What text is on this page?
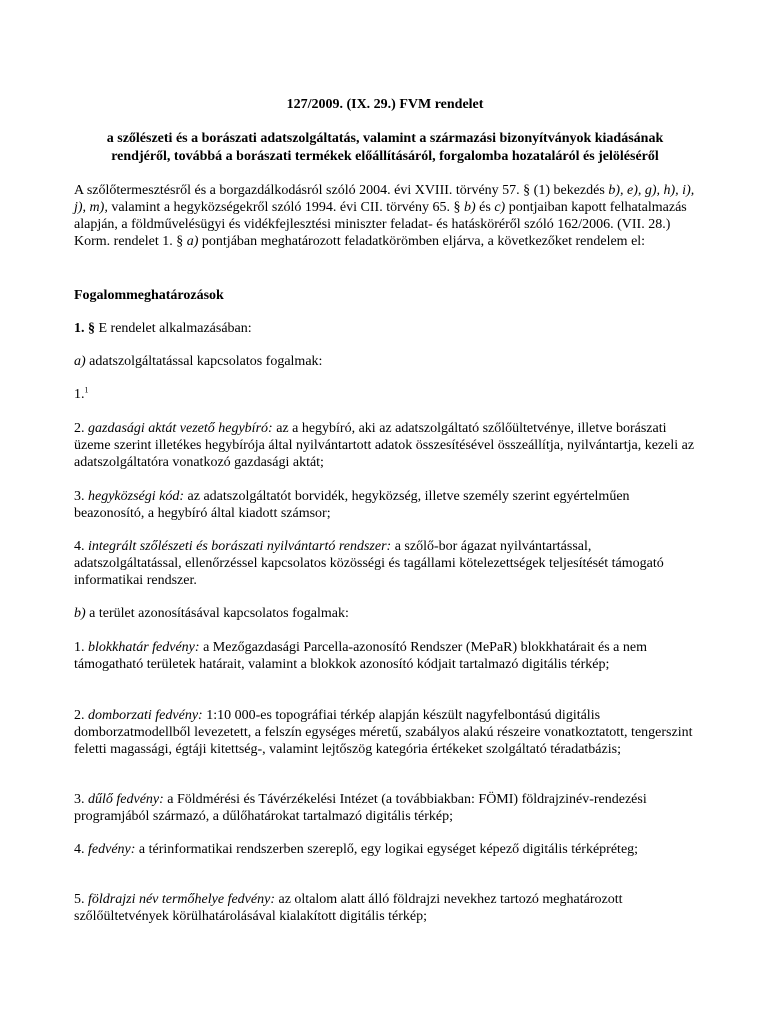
127/2009. (IX. 29.) FVM rendelet
a szőlészeti és a borászati adatszolgáltatás, valamint a származási bizonyítványok kiadásának
rendjéről, továbbá a borászati termékek előállításáról, forgalomba hozataláról és jelöléséről
A szőlőtermesztésről és a borgazdálkodásról szóló 2004. évi XVIII. törvény 57. § (1) bekezdés b), e), g), h), i), j), m), valamint a hegyközségekről szóló 1994. évi CII. törvény 65. § b) és c) pontjaiban kapott felhatalmazás alapján, a földművelésügyi és vidékfejlesztési miniszter feladat- és hatásköréről szóló 162/2006. (VII. 28.) Korm. rendelet 1. § a) pontjában meghatározott feladatkörömben eljárva, a következőket rendelem el:
Fogalommeghatározások
1. § E rendelet alkalmazásában:
a) adatszolgáltatással kapcsolatos fogalmak:
1.$^1$
2. gazdasági aktát vezető hegybíró: az a hegybíró, aki az adatszolgáltató szőlőültetvénye, illetve borászati üzeme szerint illetékes hegybírója által nyilvántartott adatok összesítésével összeállítja, nyilvántartja, kezeli az adatszolgáltatóra vonatkozó gazdasági aktát;
3. hegyközségi kód: az adatszolgáltatót borvidék, hegyközség, illetve személy szerint egyértelműen beazonosító, a hegybíró által kiadott számsor;
4. integrált szőlészeti és borászati nyilvántartó rendszer: a szőlő-bor ágazat nyilvántartással, adatszolgáltatással, ellenőrzéssel kapcsolatos közösségi és tagállami kötelezettségek teljesítését támogató informatikai rendszer.
b) a terület azonosításával kapcsolatos fogalmak:
1. blokkhatár fedvény: a Mezőgazdasági Parcella-azonosító Rendszer (MePaR) blokkhatárait és a nem támogatható területek határait, valamint a blokkok azonosító kódjait tartalmazó digitális térkép;
2. domborzati fedvény: 1:10 000-es topográfiai térkép alapján készült nagyfelbontású digitális domborzatmodellből levezetett, a felszín egységes méretű, szabályos alakú részeire vonatkoztatott, tengerszint feletti magassági, égtáji kitettség-, valamint lejtőszög kategória értékeket szolgáltató téradatbázis;
3. dűlő fedvény: a Földmérési és Távérzékelési Intézet (a továbbiakban: FÖMI) földrajzinév-rendezési programjából származó, a dűlőhatárokat tartalmazó digitális térkép;
4. fedvény: a térinformatikai rendszerben szereplő, egy logikai egységet képező digitális térképréteg;
5. földrajzi név termőhelye fedvény: az oltalom alatt álló földrajzi nevekhez tartozó meghatározott szőlőültetvények körülhatárolásával kialakított digitális térkép;
